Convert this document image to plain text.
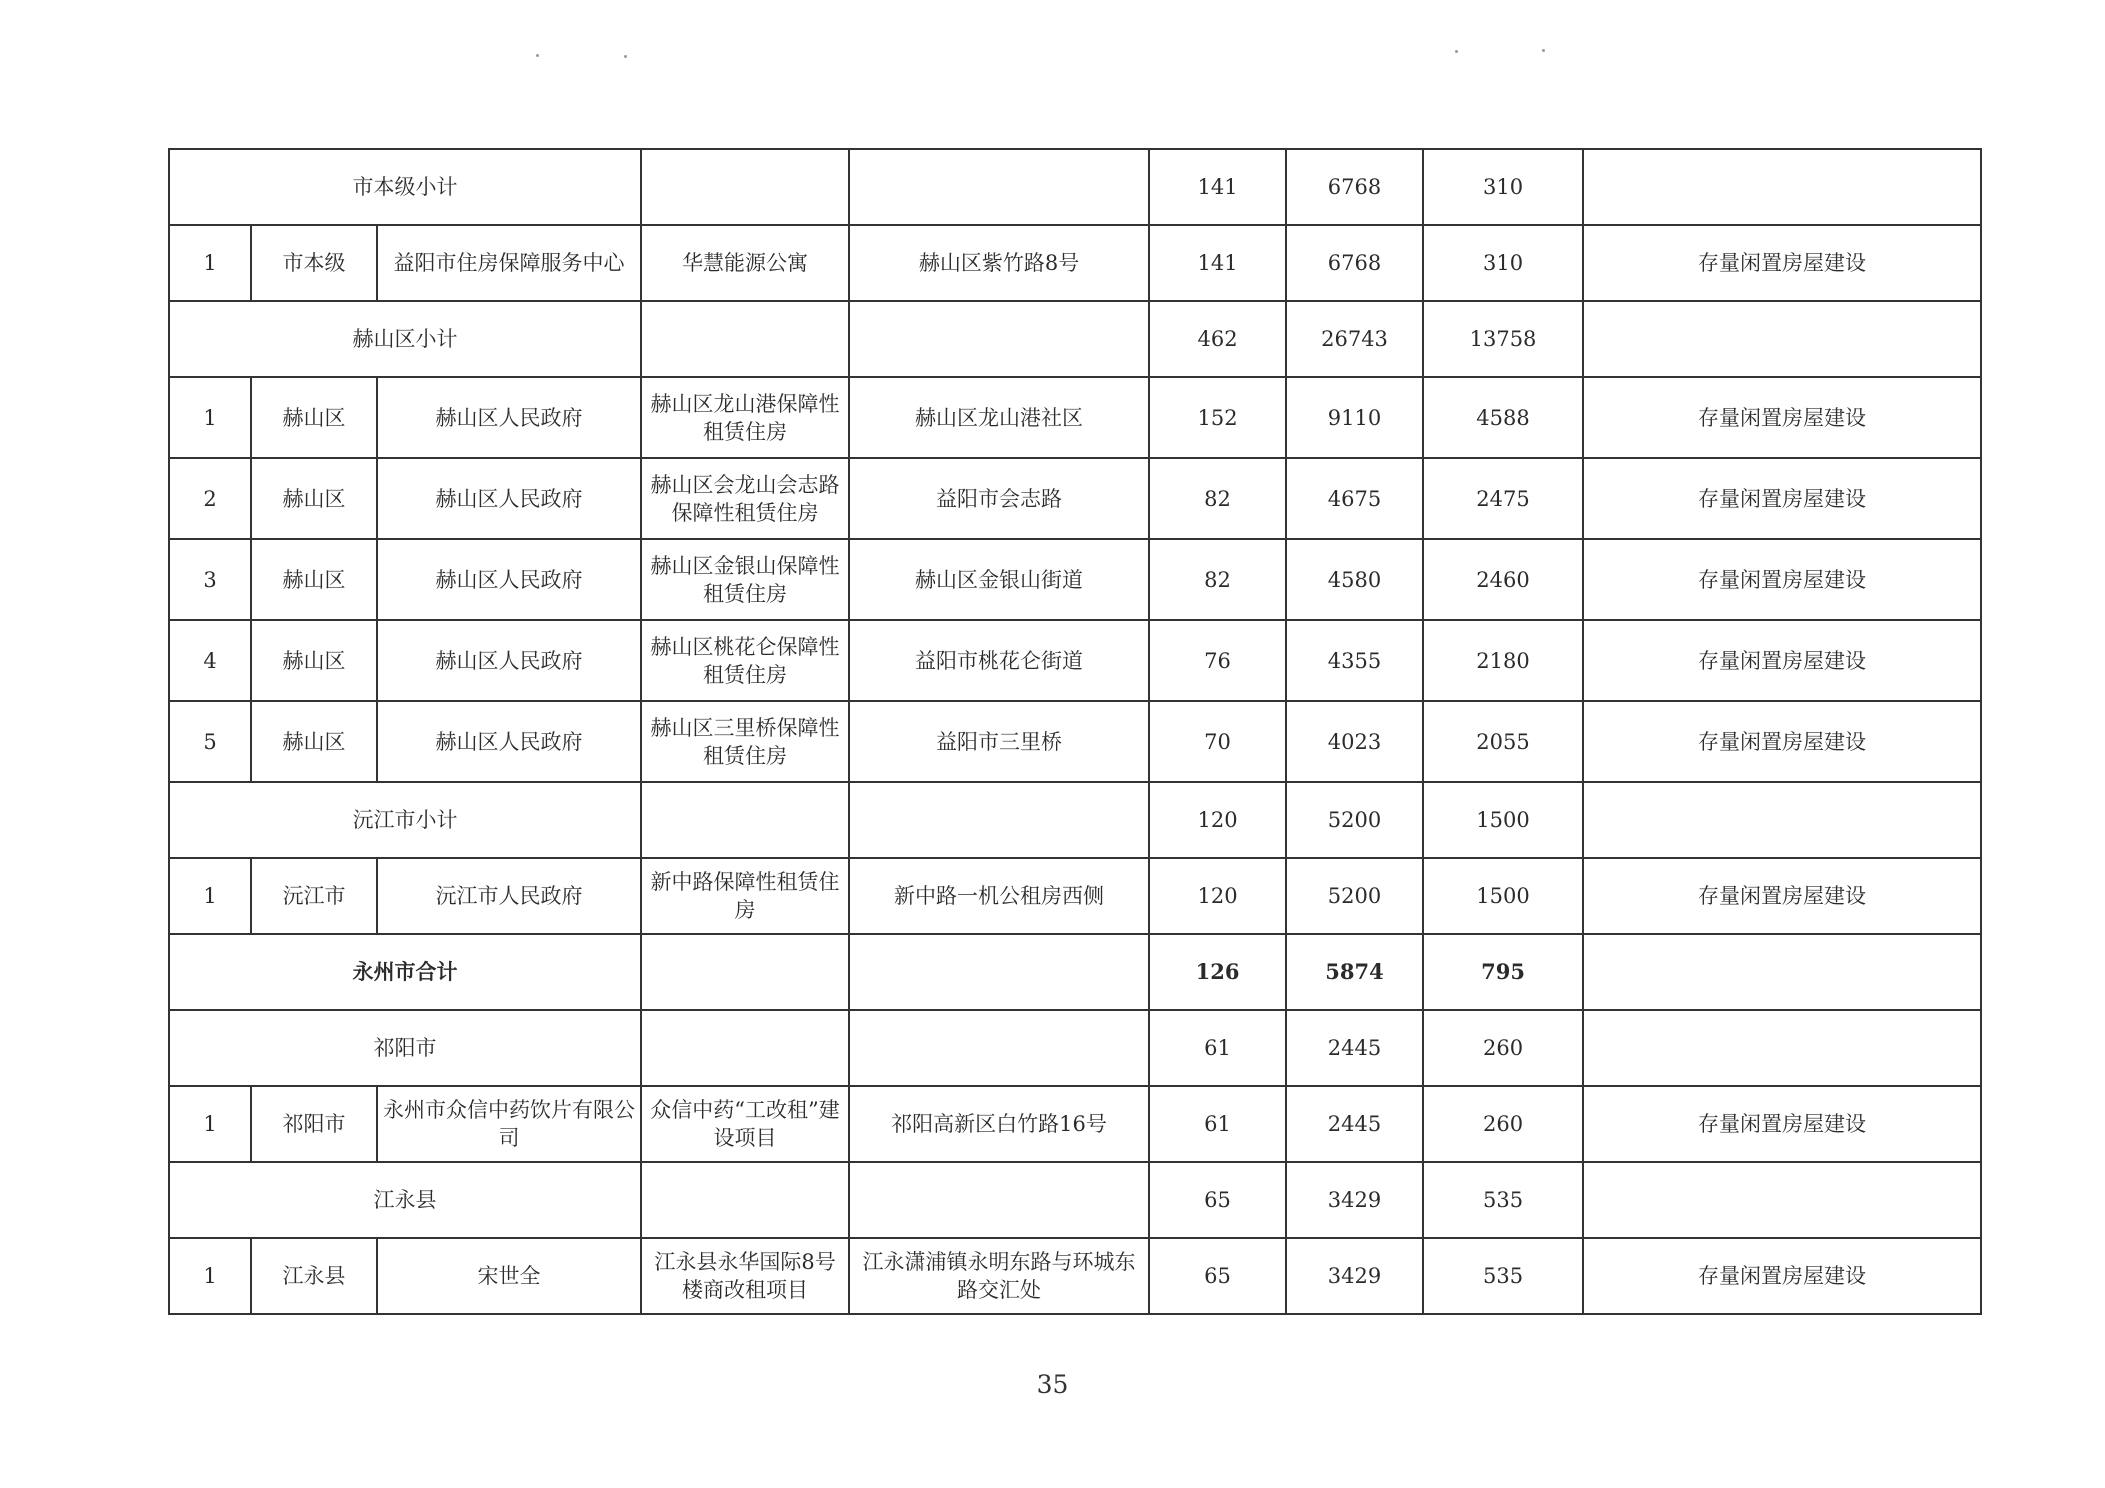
市本级小计					141	6768	310	
1	市本级	益阳市住房保障服务中心	华慧能源公寓	赫山区紫竹路8号	141	6768	310	存量闲置房屋建设
赫山区小计					462	26743	13758	
1	赫山区	赫山区人民政府	赫山区龙山港保障性租赁住房	赫山区龙山港社区	152	9110	4588	存量闲置房屋建设
2	赫山区	赫山区人民政府	赫山区会龙山会志路保障性租赁住房	益阳市会志路	82	4675	2475	存量闲置房屋建设
3	赫山区	赫山区人民政府	赫山区金银山保障性租赁住房	赫山区金银山街道	82	4580	2460	存量闲置房屋建设
4	赫山区	赫山区人民政府	赫山区桃花仑保障性租赁住房	益阳市桃花仑街道	76	4355	2180	存量闲置房屋建设
5	赫山区	赫山区人民政府	赫山区三里桥保障性租赁住房	益阳市三里桥	70	4023	2055	存量闲置房屋建设
沅江市小计					120	5200	1500	
1	沅江市	沅江市人民政府	新中路保障性租赁住房	新中路一机公租房西侧	120	5200	1500	存量闲置房屋建设
永州市合计					126	5874	795	
祁阳市					61	2445	260	
1	祁阳市	永州市众信中药饮片有限公司	众信中药“工改租”建设项目	祁阳高新区白竹路16号	61	2445	260	存量闲置房屋建设
江永县					65	3429	535	
1	江永县	宋世全	江永县永华国际8号楼商改租项目	江永潇浦镇永明东路与环城东路交汇处	65	3429	535	存量闲置房屋建设
35
